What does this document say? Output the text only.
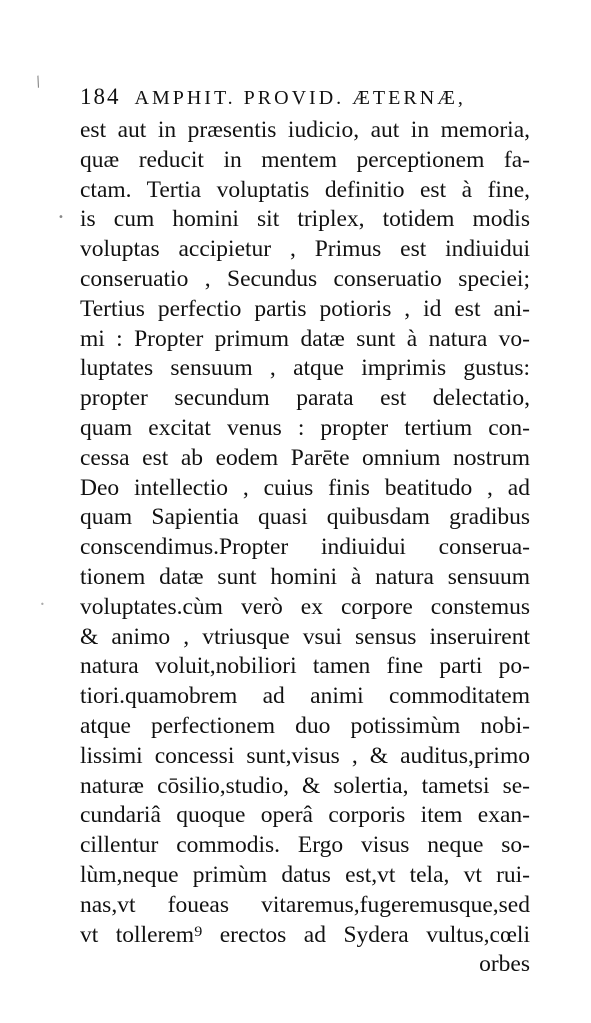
/
•
•
184 AMPHIT. PROVID. ÆTERNÆ,
est aut in præsentis iudicio, aut in memoria,
quæ reducit in mentem perceptionem fa-
ctam. Tertia voluptatis definitio est à fine,
is cum homini sit triplex, totidem modis
voluptas accipietur , Primus est indiuidui
conseruatio , Secundus conseruatio speciei;
Tertius perfectio partis potioris , id est ani-
mi : Propter primum datæ sunt à natura vo-
luptates sensuum , atque imprimis gustus:
propter secundum parata est delectatio,
quam excitat venus : propter tertium con-
cessa est ab eodem Parēte omnium nostrum
Deo intellectio , cuius finis beatitudo , ad
quam Sapientia quasi quibusdam gradibus
conscendimus.Propter indiuidui conserua-
tionem datæ sunt homini à natura sensuum
voluptates.cùm verò ex corpore constemus
& animo , vtriusque vsui sensus inseruirent
natura voluit,nobiliori tamen fine parti po-
tiori.quamobrem ad animi commoditatem
atque perfectionem duo potissimùm nobi-
lissimi concessi sunt,visus , & auditus,primo
naturæ cōsilio,studio, & solertia, tametsi se-
cundariâ quoque operâ corporis item exan-
cillentur commodis. Ergo visus neque so-
lùm,neque primùm datus est,vt tela, vt rui-
nas,vt foueas vitaremus,fugeremusque,sed
vt tollerem⁹ erectos ad Sydera vultus,cœli
orbes
